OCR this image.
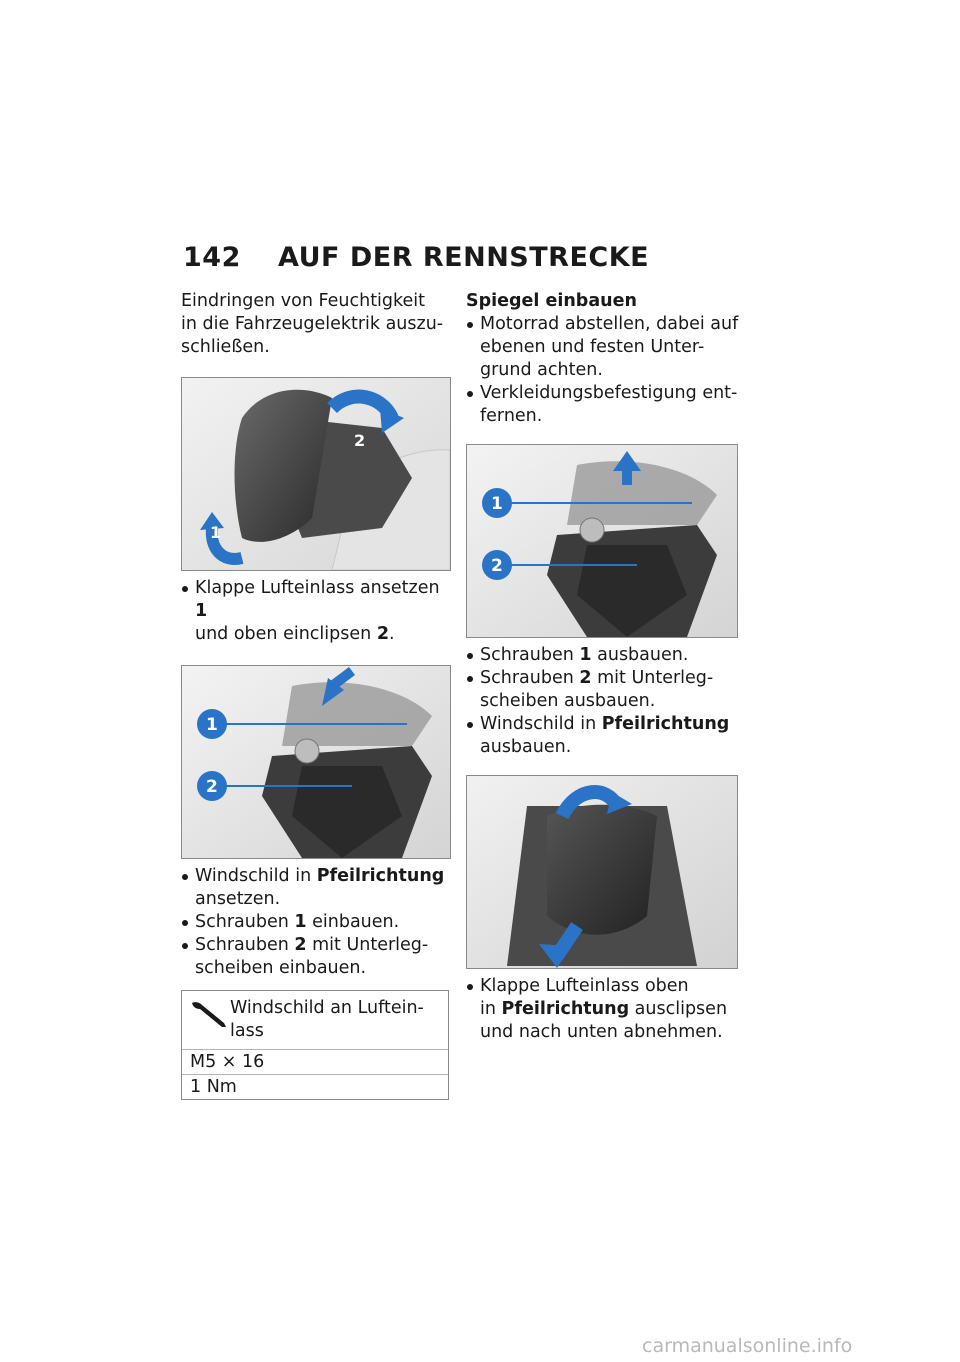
142	AUF DER RENNSTRECKE

Eindringen von Feuchtigkeit
in die Fahrzeugelektrik auszu-
schließen.

2
1

Klappe Lufteinlass ansetzen 1
und oben einclipsen 2.

1
2

Windschild in Pfeilrichtung
ansetzen.

Schrauben 1 einbauen.

Schrauben 2 mit Unterleg-
scheiben einbauen.

Windschild an Luftein-
lass
M5 × 16
1 Nm

Spiegel einbauen

Motorrad abstellen, dabei auf
ebenen und festen Unter-
grund achten.

Verkleidungsbefestigung ent-
fernen.

1
2

Schrauben 1 ausbauen.

Schrauben 2 mit Unterleg-
scheiben ausbauen.

Windschild in Pfeilrichtung
ausbauen.

Klappe Lufteinlass oben
in Pfeilrichtung ausclipsen
und nach unten abnehmen.

carmanualsonline.info
